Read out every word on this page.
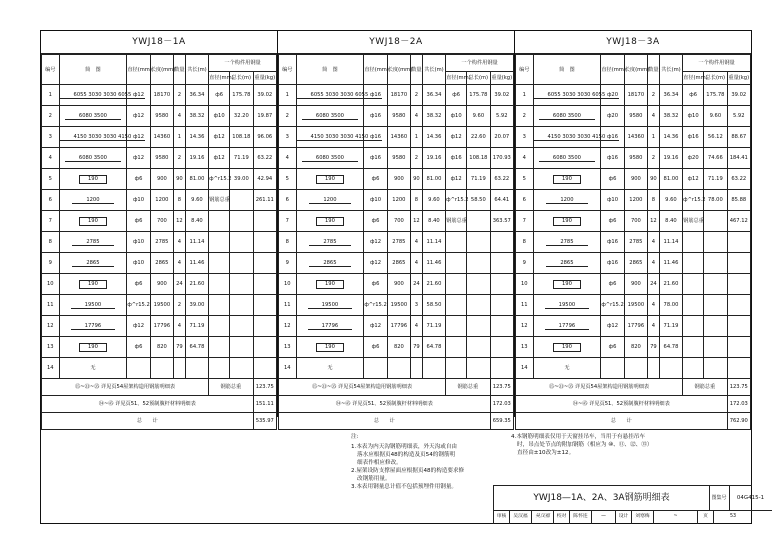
YWJ18－1A
编号	简　图	直径(mm)	长度(mm)	数量	共长(m)	一个构件用钢量		
						直径(mm)	总长(m)	重量(kg)
1	6055 3030 3030 6055	ф12	18170	2	36.34	ф6	175.78	39.02
2	6080 3500	ф12	9580	4	38.32	ф10	32.20	19.87
3	4150 3030 3030 4150	ф12	14360	1	14.36	ф12	108.18	96.06
4	6080 3500	ф12	9580	2	19.16	ф12	71.19	63.22
5	190	ф6	900	90	81.00	ф^r15.2	39.00	42.94
6	1200	ф10	1200	8	9.60	钢筋总重		261.11
7	190	ф6	700	12	8.40			
8	2785	ф10	2785	4	11.14			
9	2865	ф10	2865	4	11.46			
10	190	ф6	900	24	21.60			
11	19500	ф^r15.2	19500	2	39.00			
12	17796	ф12	17796	4	71.19			
13	190	ф6	820	79	64.78			
14	无							
⑮~㉝~㉟ 详见页54屋架构造用钢筋明细表						钢筋总重		123.75
㉞~㊺ 详见页51、52预制腹杆材料明细表								151.11
总　　计								535.97
YWJ18－2A
编号	简　图	直径(mm)	长度(mm)	数量	共长(m)	一个构件用钢量		
						直径(mm)	总长(m)	重量(kg)
1	6055 3030 3030 6055	ф16	18170	2	36.34	ф6	175.78	39.02
2	6080 3500	ф16	9580	4	38.32	ф10	9.60	5.92
3	4150 3030 3030 4150	ф16	14360	1	14.36	ф12	22.60	20.07
4	6080 3500	ф16	9580	2	19.16	ф16	108.18	170.93
5	190	ф6	900	90	81.00	ф12	71.19	63.22
6	1200	ф10	1200	8	9.60	ф^r15.2	58.50	64.41
7	190	ф6	700	12	8.40	钢筋总重		363.57
8	2785	ф12	2785	4	11.14			
9	2865	ф12	2865	4	11.46			
10	190	ф6	900	24	21.60			
11	19500	ф^r15.2	19500	3	58.50			
12	17796	ф12	17796	4	71.19			
13	190	ф6	820	79	64.78			
14	无							
⑮~㉝~㉟ 详见页54屋架构造用钢筋明细表						钢筋总重		123.75
㉞~㊺ 详见页51、52预制腹杆材料明细表								172.03
总　　计								659.35
YWJ18－3A
编号	简　图	直径(mm)	长度(mm)	数量	共长(m)	一个构件用钢量		
						直径(mm)	总长(m)	重量(kg)
1	6055 3030 3030 6055	ф20	18170	2	36.34	ф6	175.78	39.02
2	6080 3500	ф20	9580	4	38.32	ф10	9.60	5.92
3	4150 3030 3030 4150	ф16	14360	1	14.36	ф16	56.12	88.67
4	6080 3500	ф16	9580	2	19.16	ф20	74.66	184.41
5	190	ф6	900	90	81.00	ф12	71.19	63.22
6	1200	ф10	1200	8	9.60	ф^r15.2	78.00	85.88
7	190	ф6	700	12	8.40	钢筋总重		467.12
8	2785	ф16	2785	4	11.14			
9	2865	ф16	2865	4	11.46			
10	190	ф6	900	24	21.60			
11	19500	ф^r15.2	19500	4	78.00			
12	17796	ф12	17796	4	71.19			
13	190	ф6	820	79	64.78			
14	无							
⑮~㉝~㉟ 详见页54屋架构造用钢筋明细表						钢筋总重		123.75
㉞~㊺ 详见页51、52预制腹杆材料明细表								172.03
总　　计								762.90
注:
1.本表为内天沟钢筋明细表，外天沟或自由
落水应根据页48的构造及页54的钢筋明
细表作相应修改。
2.屋架设防支撑屋面应根据页48的构造要求修
改钢筋用量。
3.本表用钢量总计值不包括预埋件用钢量。
4.本钢筋明细表仅用于天窗挂吊车，当用于有悬挂吊车
时，吊点处节点的附加钢筋（相应为 ⑩、⑪、⑫、⑬）
直径由±10改为±12。
YWJ18—1A、2A、3A钢筋明细表	图集号	04G415-1
审核 吴汉福 吴汉福 校对 陈怀连	—	设计 刘寒梅	~	页	53
